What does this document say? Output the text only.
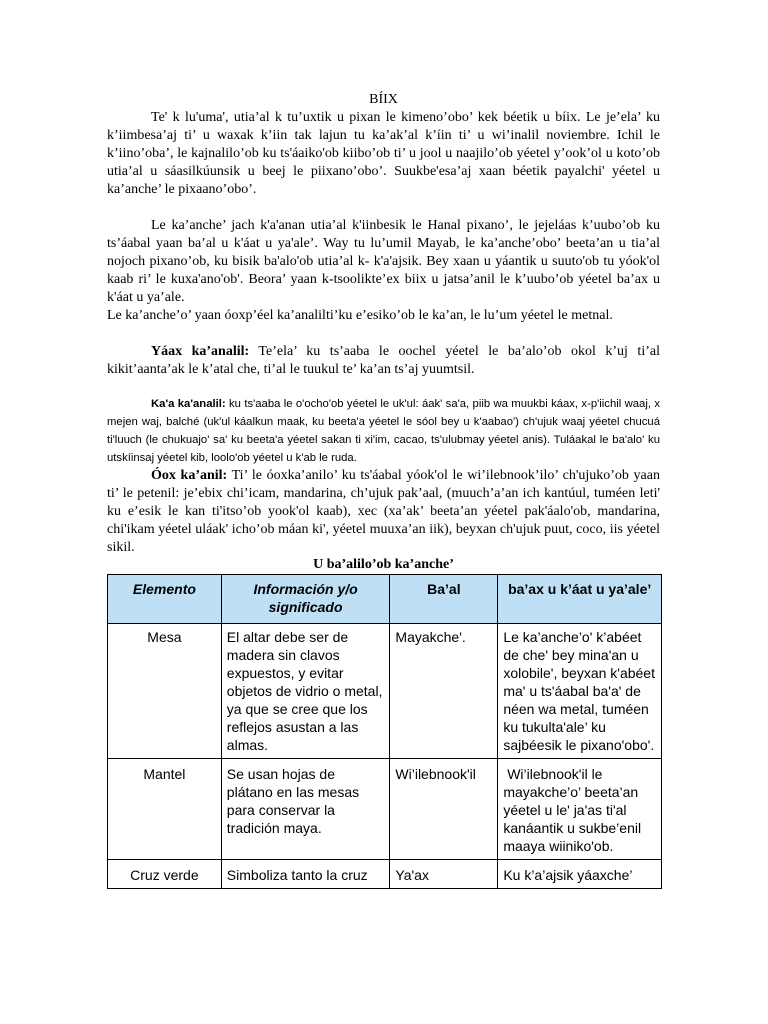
BÍIX

Te' k lu'uma', utia’al k tu’uxtik u pixan le kimeno’obo’ kek béetik u bíix. Le je’ela’ ku k’iimbesa’aj ti’ u waxak k’iin tak lajun tu ka’ak’al k’íin ti’ u wi’inalil noviembre. Ichil le k’iino’oba’, le kajnalilo’ob ku ts'áaiko'ob kiibo’ob ti’ u jool u naajilo’ob yéetel y’ook’ol u koto’ob utia’al u sáasilkúunsik u beej le piixano’obo’. Suukbe'esa’aj xaan béetik payalchi' yéetel u ka’anche’ le pixaano’obo’.

Le ka’anche’ jach k'a'anan utia’al k'iinbesik le Hanal pixano’, le jejeláas k’uubo’ob ku ts’áabal yaan ba’al u k'áat u ya'ale’. Way tu lu’umil Mayab, le ka’anche’obo’ beeta’an u tia’al nojoch pixano’ob, ku bisik ba'alo'ob utia’al k- k'a'ajsik. Bey xaan u yáantik u suuto'ob tu yóok'ol kaab ri’ le kuxa'ano'ob'. Beora’ yaan k-tsoolikte’ex biix u jatsa’anil le k’uubo’ob yéetel ba’ax u k'áat u ya’ale.

Le ka’anche’o’ yaan óoxp’éel ka’analilti’ku e’esiko’ob le ka’an, le lu’um yéetel le metnal.

Yáax ka’analil: Te’ela’ ku ts’aaba le oochel yéetel le ba’alo’ob okol k’uj ti’al kikit’aanta’ak le k’atal che, ti’al le tuukul te’ ka’an ts’aj yuumtsil.

Ka'a ka'analil: ku ts'aaba le o'ocho'ob yéetel le uk'ul: áak' sa'a, piib wa muukbi káax, x-p'iichil waaj, x mejen waj, balché (uk'ul káalkun maak, ku beeta'a yéetel le sóol bey u k'aabao') ch'ujuk waaj yéetel chucuá ti'luuch (le chukuajo' sa' ku beeta'a yéetel sakan ti xi'im, cacao, ts'ulubmay yéetel anis). Tuláakal le ba'alo' ku utskíinsaj yéetel kib, loolo'ob yéetel u k'ab le ruda.

Óox ka’anil: Ti’ le óoxka’anilo’ ku ts'áabal yóok'ol le wi’ilebnook’ilo’ ch'ujuko’ob yaan ti’ le petenil: je’ebix chi’icam, mandarina, ch’ujuk pak’aal, (muuch’a’an ich kantúul, tuméen leti' ku e’esik le kan ti'itso’ob yook'ol kaab), xec (xa’ak’ beeta’an yéetel pak'áalo'ob, mandarina, chi'ikam yéetel uláak' icho’ob máan ki', yéetel muuxa’an iik), beyxan ch'ujuk puut, coco, iis yéetel sikil.

U ba’alilo’ob ka’anche’

Elemento	Información y/o significado	Ba’al	ba’ax u k’áat u ya’ale’
Mesa	El altar debe ser de madera sin clavos expuestos, y evitar objetos de vidrio o metal, ya que se cree que los reflejos asustan a las almas.	Mayakche'.	Le ka’anche’o' k’abéet de che' bey mina'an u xolobile', beyxan k'abéet ma' u ts'áabal ba'a' de néen wa metal, tuméen ku tukulta'ale’ ku sajbéesik le pixano'obo'.
Mantel	Se usan hojas de plátano en las mesas para conservar la tradición maya.	Wi’ilebnook'il	Wi’ilebnook'il le mayakche’o’ beeta’an yéetel u le' ja'as ti'al kanáantik u sukbe’enil maaya wiiniko'ob.
Cruz verde	Simboliza tanto la cruz	Ya'ax	Ku k’a’ajsik yáaxche’
